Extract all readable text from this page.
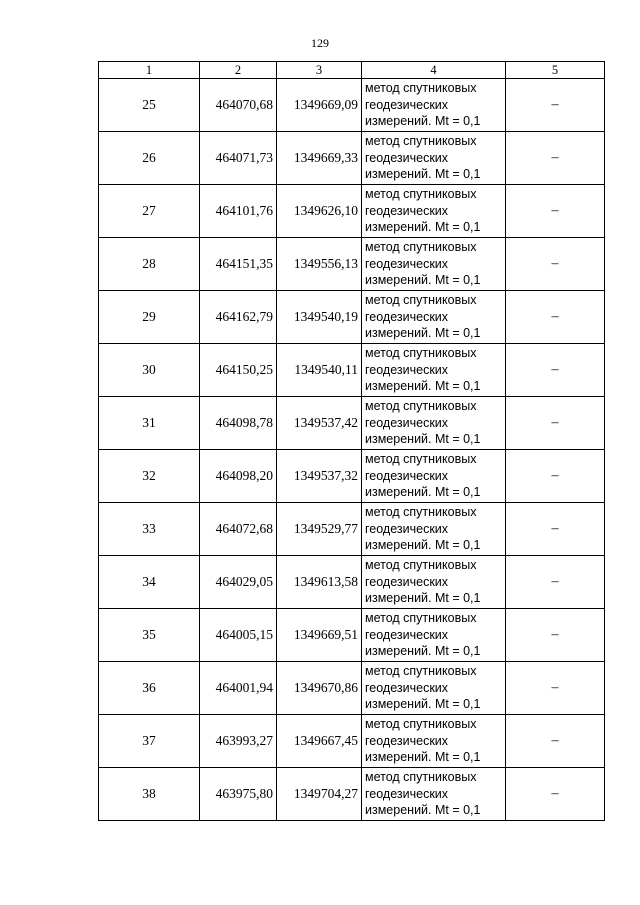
129
1	2	3	4	5
25	464070,68	1349669,09	метод спутниковых
геодезических
измерений. Mt = 0,1	–
26	464071,73	1349669,33	метод спутниковых
геодезических
измерений. Mt = 0,1	–
27	464101,76	1349626,10	метод спутниковых
геодезических
измерений. Mt = 0,1	–
28	464151,35	1349556,13	метод спутниковых
геодезических
измерений. Mt = 0,1	–
29	464162,79	1349540,19	метод спутниковых
геодезических
измерений. Mt = 0,1	–
30	464150,25	1349540,11	метод спутниковых
геодезических
измерений. Mt = 0,1	–
31	464098,78	1349537,42	метод спутниковых
геодезических
измерений. Mt = 0,1	–
32	464098,20	1349537,32	метод спутниковых
геодезических
измерений. Mt = 0,1	–
33	464072,68	1349529,77	метод спутниковых
геодезических
измерений. Mt = 0,1	–
34	464029,05	1349613,58	метод спутниковых
геодезических
измерений. Mt = 0,1	–
35	464005,15	1349669,51	метод спутниковых
геодезических
измерений. Mt = 0,1	–
36	464001,94	1349670,86	метод спутниковых
геодезических
измерений. Mt = 0,1	–
37	463993,27	1349667,45	метод спутниковых
геодезических
измерений. Mt = 0,1	–
38	463975,80	1349704,27	метод спутниковых
геодезических
измерений. Mt = 0,1	–
